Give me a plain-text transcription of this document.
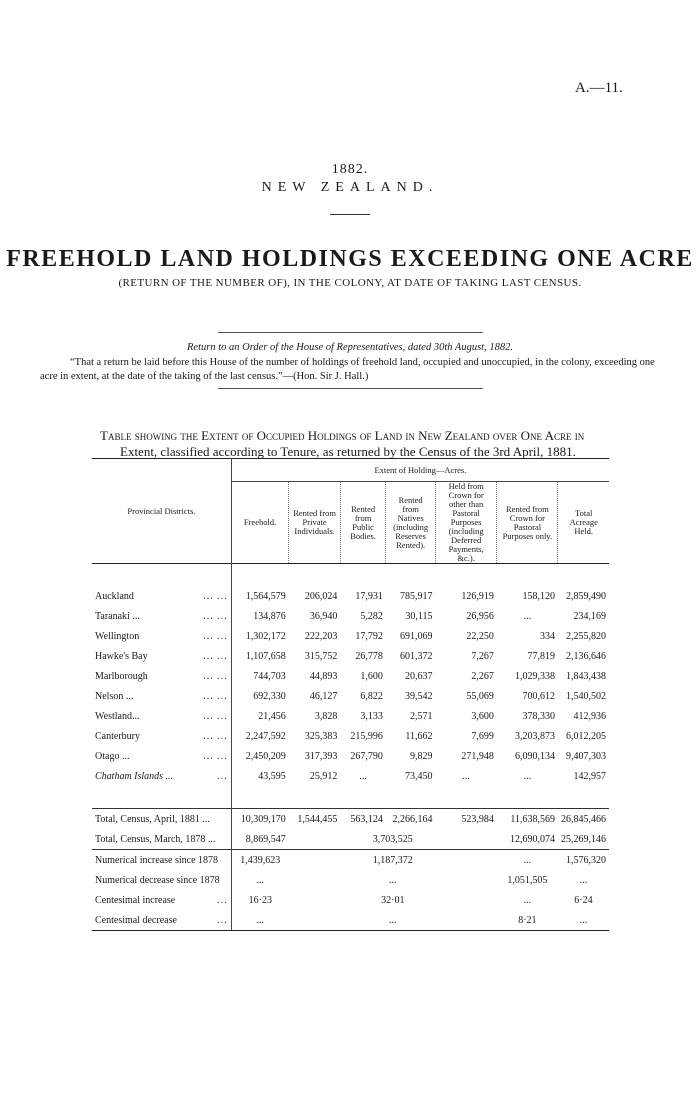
A.—11.
1882.
NEW ZEALAND.
FREEHOLD LAND HOLDINGS EXCEEDING ONE ACRE
(RETURN OF THE NUMBER OF), IN THE COLONY, AT DATE OF TAKING LAST CENSUS.
Return to an Order of the House of Representatives, dated 30th August, 1882.
“That a return be laid before this House of the number of holdings of freehold land, occupied and unoccupied, in the colony, exceeding one acre in extent, at the date of the taking of the last census.”—(Hon. Sir J. Hall.)
Table showing the Extent of Occupied Holdings of Land in New Zealand over One Acre in
Extent, classified according to Tenure, as returned by the Census of the 3rd April, 1881.
Provincial Districts.	Extent of Holding—Acres.						
	Freehold.	Rented from Private Individuals.	Rented from Public Bodies.	Rented from Natives (including Reserves Rented).	Held from Crown for other than Pastoral Purposes (including Deferred Payments, &c.).	Rented from Crown for Pastoral Purposes only.	Total Acreage Held.

Auckland ... ...	1,564,579	206,024	17,931	785,917	126,919	158,120	2,859,490
Taranaki ... ... ...	134,876	36,940	5,282	30,115	26,956	...	234,169
Wellington ... ...	1,302,172	222,203	17,792	691,069	22,250	334	2,255,820
Hawke's Bay ... ...	1,107,658	315,752	26,778	601,372	7,267	77,819	2,136,646
Marlborough ... ...	744,703	44,893	1,600	20,637	2,267	1,029,338	1,843,438
Nelson ... ... ...	692,330	46,127	6,822	39,542	55,069	700,612	1,540,502
Westland... ... ...	21,456	3,828	3,133	2,571	3,600	378,330	412,936
Canterbury ... ...	2,247,592	325,383	215,996	11,662	7,699	3,203,873	6,012,205
Otago ... ... ...	2,450,209	317,393	267,790	9,829	271,948	6,090,134	9,407,303
Chatham Islands ... ...	43,595	25,912	...	73,450	...	...	142,957

Total, Census, April, 1881 ...	10,309,170	1,544,455	563,124	2,266,164	523,984	11,638,569	26,845,466
Total, Census, March, 1878 ...	8,869,547	3,703,525				12,690,074	25,269,146
Numerical increase since 1878	1,439,623	1,187,372				...	1,576,320
Numerical decrease since 1878	...	...				1,051,505	...
Centesimal increase ...	16·23	32·01				...	6·24
Centesimal decrease ...	...	...				8·21	...
